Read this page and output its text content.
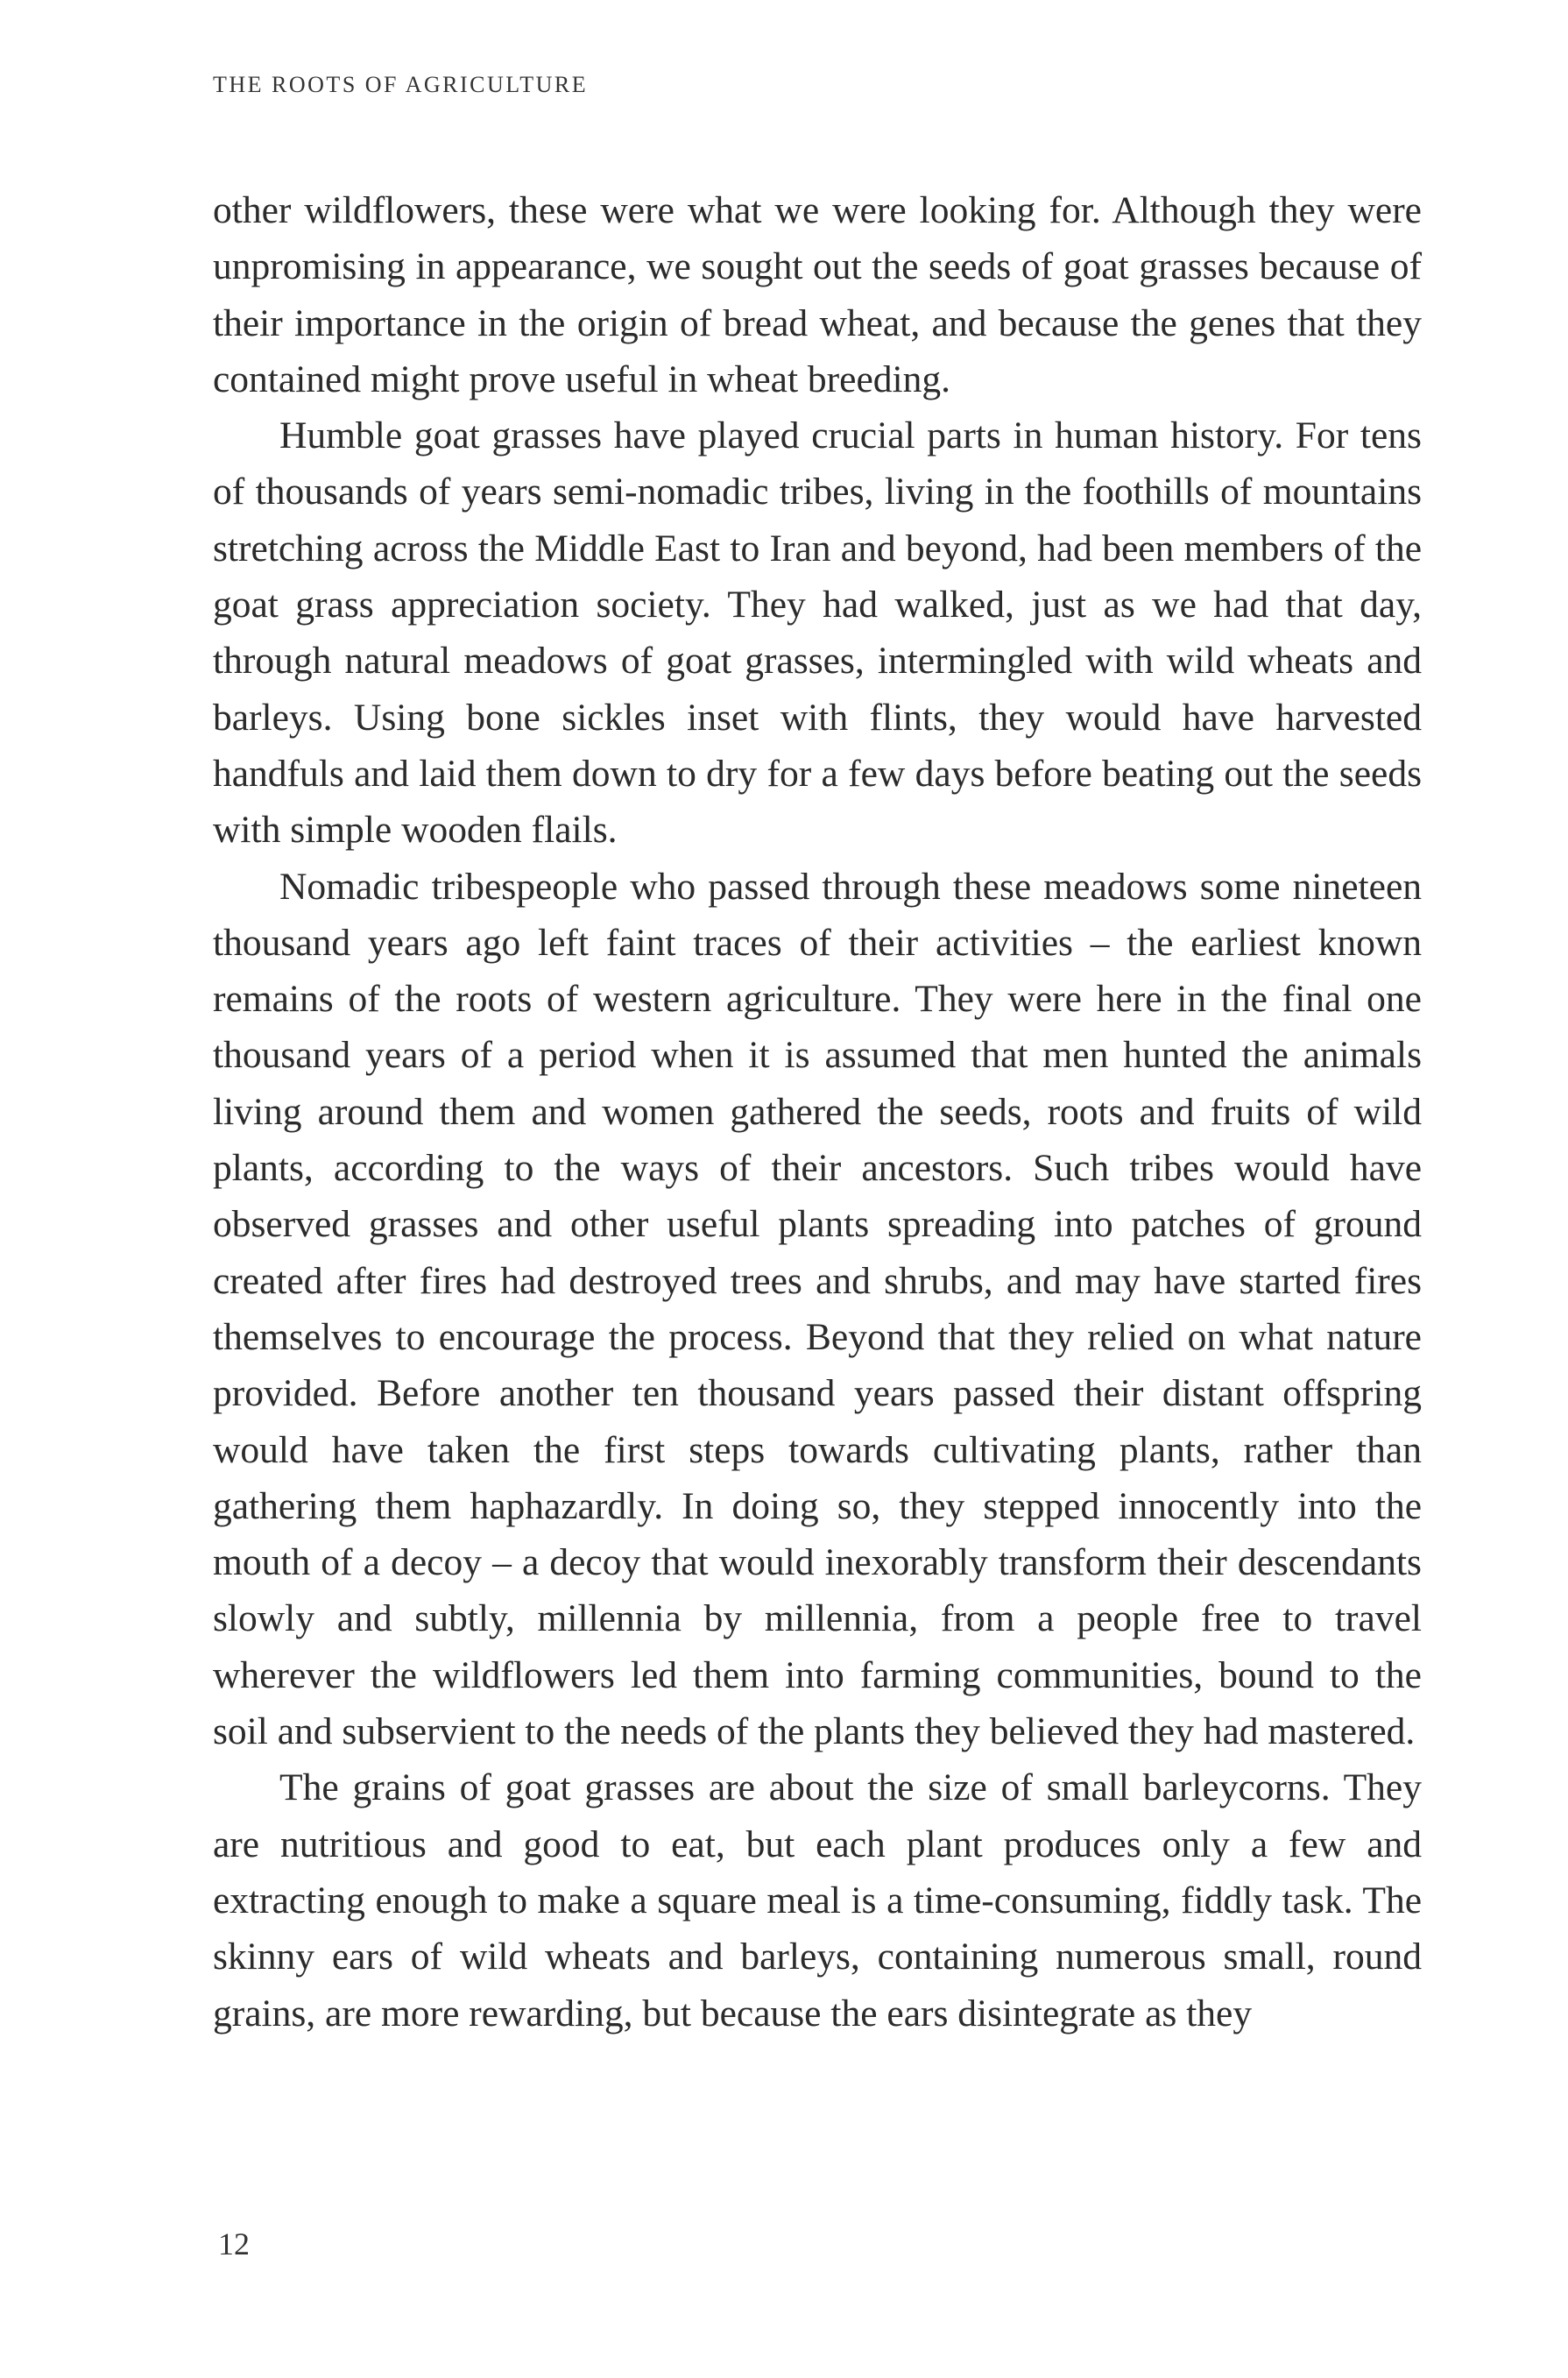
THE ROOTS OF AGRICULTURE

other wildflowers, these were what we were looking for. Although they were unpromising in appearance, we sought out the seeds of goat grasses because of their importance in the origin of bread wheat, and because the genes that they contained might prove useful in wheat breeding.

Humble goat grasses have played crucial parts in human history. For tens of thousands of years semi-nomadic tribes, living in the foothills of mountains stretching across the Middle East to Iran and beyond, had been members of the goat grass appreciation society. They had walked, just as we had that day, through natural meadows of goat grasses, intermingled with wild wheats and barleys. Using bone sickles inset with flints, they would have harvested handfuls and laid them down to dry for a few days before beating out the seeds with simple wooden flails.

Nomadic tribespeople who passed through these meadows some nineteen thousand years ago left faint traces of their activities – the earliest known remains of the roots of western agriculture. They were here in the final one thousand years of a period when it is assumed that men hunted the animals living around them and women gathered the seeds, roots and fruits of wild plants, according to the ways of their ancestors. Such tribes would have observed grasses and other useful plants spreading into patches of ground created after fires had destroyed trees and shrubs, and may have started fires themselves to encourage the process. Beyond that they relied on what nature provided. Before another ten thousand years passed their distant offspring would have taken the first steps towards cultivating plants, rather than gathering them haphazardly. In doing so, they stepped innocently into the mouth of a decoy – a decoy that would inexorably transform their descendants slowly and subtly, millennia by millennia, from a people free to travel wherever the wildflowers led them into farming communities, bound to the soil and subservient to the needs of the plants they believed they had mastered.

The grains of goat grasses are about the size of small barleycorns. They are nutritious and good to eat, but each plant produces only a few and extracting enough to make a square meal is a time-consuming, fiddly task. The skinny ears of wild wheats and barleys, containing numerous small, round grains, are more rewarding, but because the ears disintegrate as they

12
